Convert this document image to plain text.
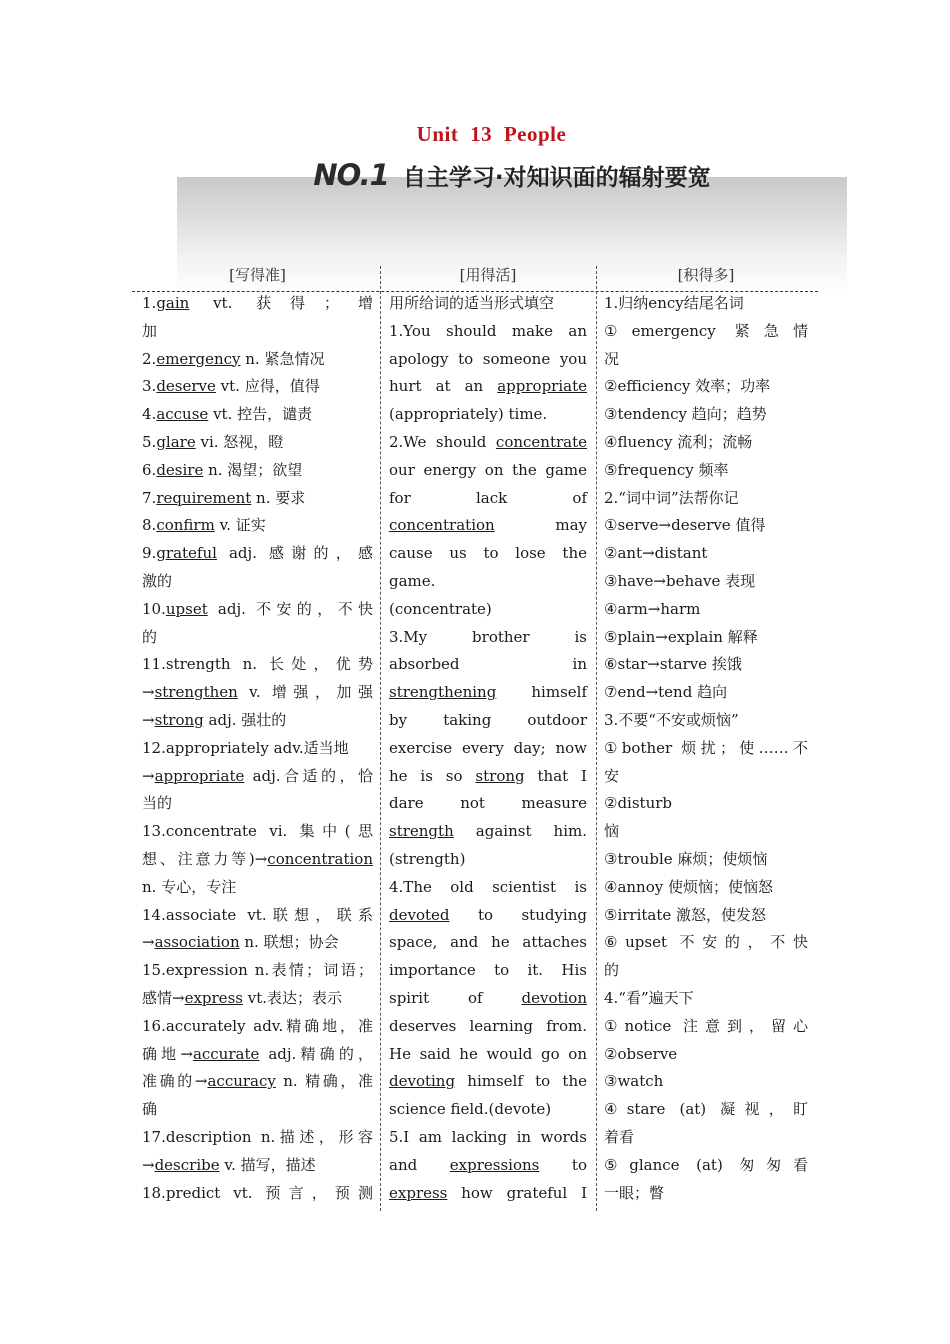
Unit 13 People
NO.1 自主学习·对知识面的辐射要宽
[写得准]
1.gain vt. 获得；增
加
2.emergency n. 紧急情况
3.deserve vt. 应得，值得
4.accuse vt. 控告，谴责
5.glare vi. 怒视，瞪
6.desire n. 渴望；欲望
7.requirement n. 要求
8.confirm v. 证实
9.grateful adj. 感谢的，感
激的
10.upset adj. 不安的，不快
的
11.strength n. 长处，优势
→strengthen v. 增强，加强
→strong adj. 强壮的
12.appropriately adv.适当地
→appropriate adj.合适的，恰
当的
13.concentrate vi. 集中(思
想、注意力等)→concentration
n. 专心，专注
14.associate vt.联想，联系
→association n. 联想；协会
15.expression n.表情；词语；
感情→express vt.表达；表示
16.accurately adv.精确地，准
确地→accurate adj.精确的，
准确的→accuracy n. 精确，准
确
17.description n.描述，形容
→describe v. 描写，描述
18.predict vt. 预言，预测
[用得活]
用所给词的适当形式填空
1.You should make an
apology to someone you
hurt at an appropriate
(appropriately) time.
2.We should concentrate
our energy on the game
for lack of
concentration may
cause us to lose the
game.
(concentrate)
3.My brother is
absorbed in
strengthening himself
by taking outdoor
exercise every day; now
he is so strong that I
dare not measure
strength against him.
(strength)
4.The old scientist is
devoted to studying
space, and he attaches
importance to it. His
spirit of devotion
deserves learning from.
He said he would go on
devoting himself to the
science field.(devote)
5.I am lacking in words
and expressions to
express how grateful I
[积得多]
1.归纳ency结尾名词
①emergency 紧急情
况
②efficiency 效率；功率
③tendency 趋向；趋势
④fluency 流利；流畅
⑤frequency 频率
2.“词中词”法帮你记
①serve→deserve 值得
②ant→distant
③have→behave 表现
④arm→harm
⑤plain→explain 解释
⑥star→starve 挨饿
⑦end→tend 趋向
3.不要“不安或烦恼”
①bother 烦扰；使……不
安
②disturb
恼
③trouble 麻烦；使烦恼
④annoy 使烦恼；使恼怒
⑤irritate 激怒，使发怒
⑥upset 不安的，不快
的
4.“看”遍天下
①notice 注意到，留心
②observe
③watch
④stare (at) 凝视，盯
着看
⑤glance (at) 匆匆看
一眼；瞥
